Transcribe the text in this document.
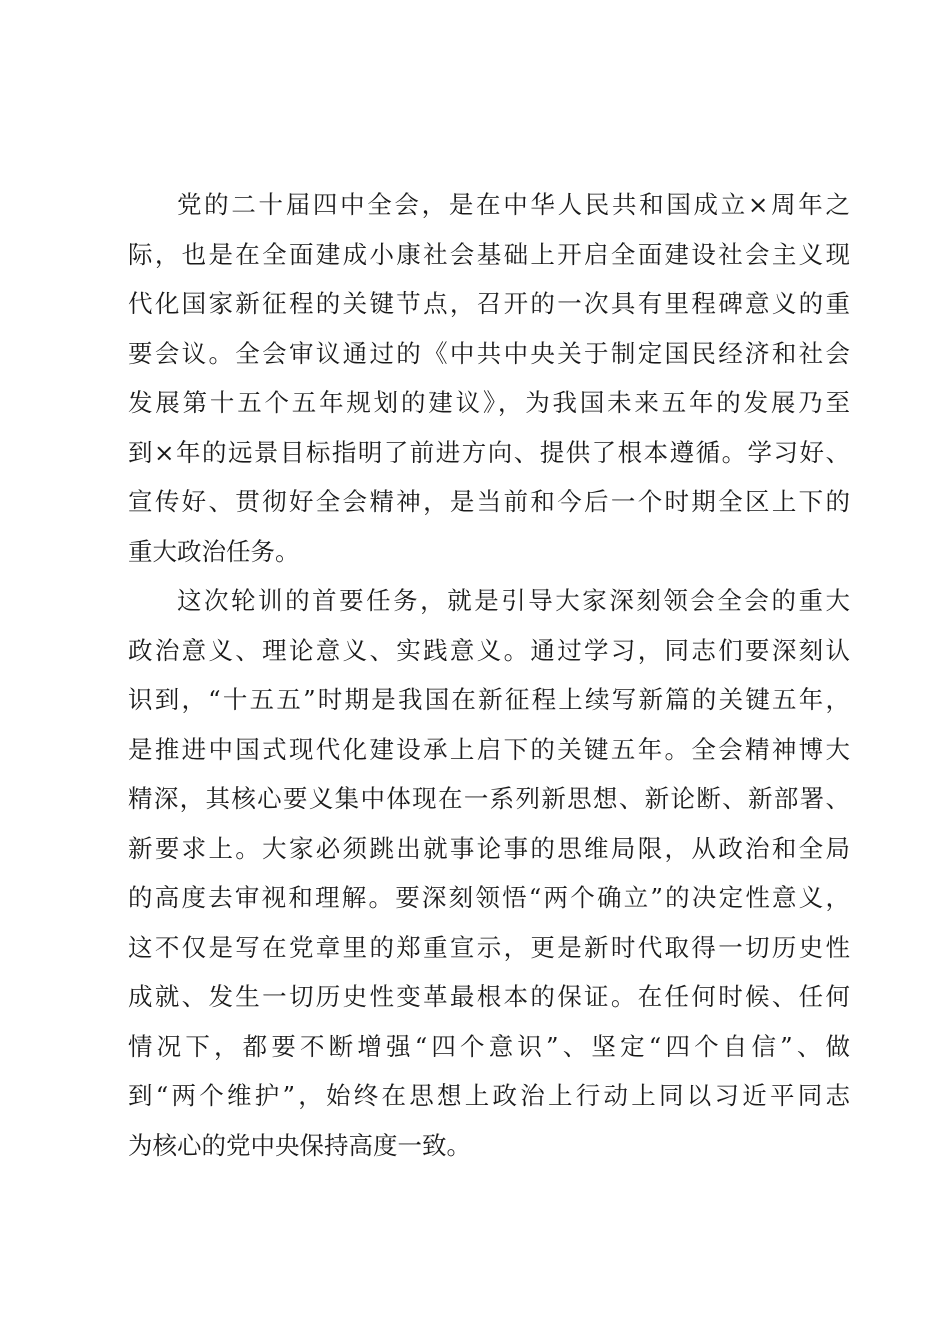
党的二十届四中全会，是在中华人民共和国成立×周年之
际，也是在全面建成小康社会基础上开启全面建设社会主义现
代化国家新征程的关键节点，召开的一次具有里程碑意义的重
要会议。全会审议通过的《中共中央关于制定国民经济和社会
发展第十五个五年规划的建议》，为我国未来五年的发展乃至
到×年的远景目标指明了前进方向、提供了根本遵循。学习好、
宣传好、贯彻好全会精神，是当前和今后一个时期全区上下的
重大政治任务。
这次轮训的首要任务，就是引导大家深刻领会全会的重大
政治意义、理论意义、实践意义。通过学习，同志们要深刻认
识到，“十五五”时期是我国在新征程上续写新篇的关键五年，
是推进中国式现代化建设承上启下的关键五年。全会精神博大
精深，其核心要义集中体现在一系列新思想、新论断、新部署、
新要求上。大家必须跳出就事论事的思维局限，从政治和全局
的高度去审视和理解。要深刻领悟“两个确立”的决定性意义，
这不仅是写在党章里的郑重宣示，更是新时代取得一切历史性
成就、发生一切历史性变革最根本的保证。在任何时候、任何
情况下，都要不断增强“四个意识”、坚定“四个自信”、做
到“两个维护”，始终在思想上政治上行动上同以习近平同志
为核心的党中央保持高度一致。
